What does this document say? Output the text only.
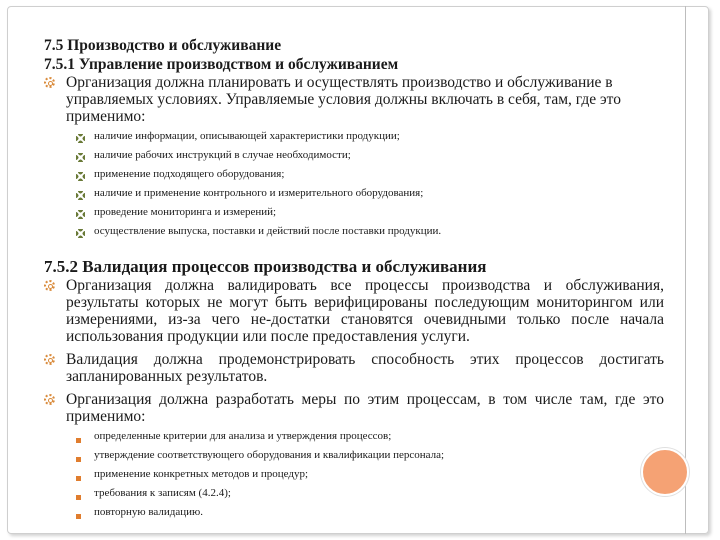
7.5 Производство и обслуживание

7.5.1 Управление производством и обслуживанием

Организация должна планировать и осуществлять производство и обслуживание в управляемых условиях. Управляемые условия должны включать в себя, там, где это применимо:
наличие информации, описывающей характеристики продукции;
наличие рабочих инструкций в случае необходимости;
применение подходящего оборудования;
наличие и применение контрольного и измерительного оборудования;
проведение мониторинга и измерений;
осуществление выпуска, поставки и действий после поставки продукции.

7.5.2 Валидация процессов производства и обслуживания

Организация должна валидировать все процессы производства и обслуживания, результаты которых не могут быть верифицированы последующим мониторингом или измерениями, из-за чего не-достатки становятся очевидными только после начала использования продукции или после предоставления услуги.
Валидация должна продемонстрировать способность этих процессов достигать запланированных результатов.
Организация должна разработать меры по этим процессам, в том числе там, где это применимо:
определенные критерии для анализа и утверждения процессов;
утверждение соответствующего оборудования и квалификации персонала;
применение конкретных методов и процедур;
требования к записям (4.2.4);
повторную валидацию.
